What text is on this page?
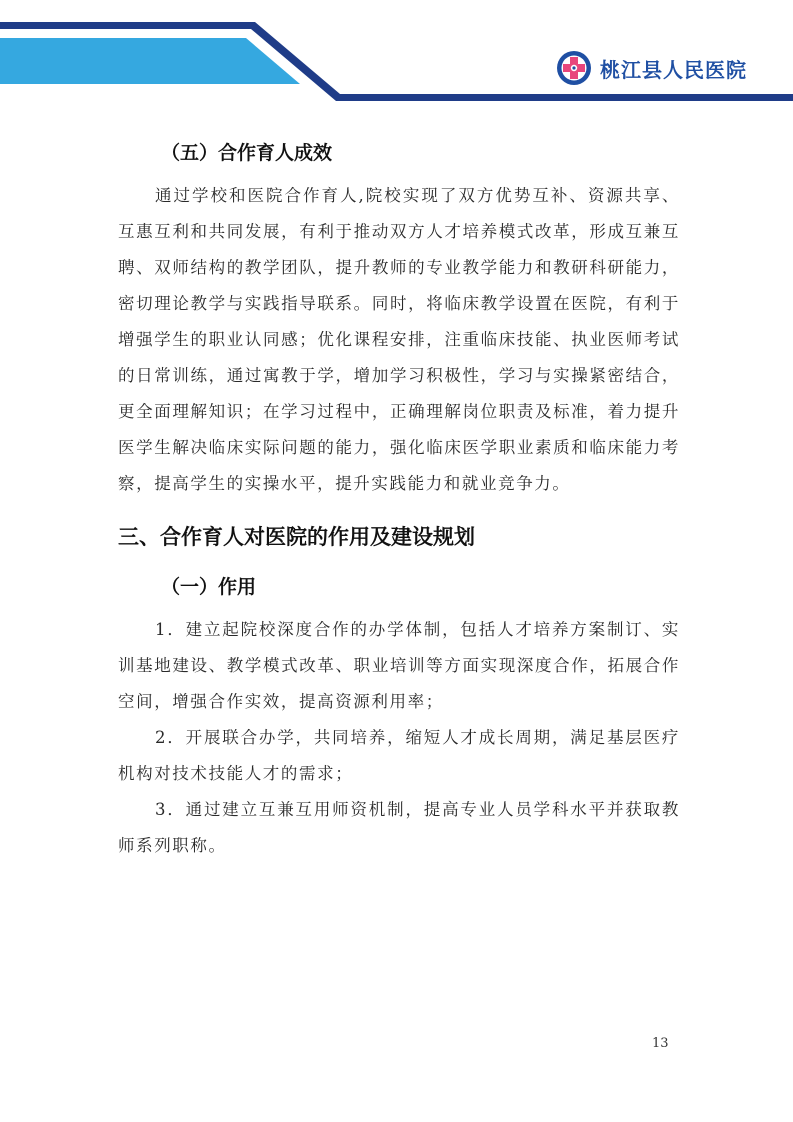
桃江县人民医院
（五）合作育人成效

通过学校和医院合作育人,院校实现了双方优势互补、资源共享、互惠互利和共同发展，有利于推动双方人才培养模式改革，形成互兼互聘、双师结构的教学团队，提升教师的专业教学能力和教研科研能力，密切理论教学与实践指导联系。同时，将临床教学设置在医院，有利于增强学生的职业认同感；优化课程安排，注重临床技能、执业医师考试的日常训练，通过寓教于学，增加学习积极性，学习与实操紧密结合，更全面理解知识；在学习过程中，正确理解岗位职责及标准，着力提升医学生解决临床实际问题的能力，强化临床医学职业素质和临床能力考察，提高学生的实操水平，提升实践能力和就业竞争力。

三、合作育人对医院的作用及建设规划
（一）作用

1．建立起院校深度合作的办学体制，包括人才培养方案制订、实训基地建设、教学模式改革、职业培训等方面实现深度合作，拓展合作空间，增强合作实效，提高资源利用率；

2．开展联合办学，共同培养，缩短人才成长周期，满足基层医疗机构对技术技能人才的需求；

3．通过建立互兼互用师资机制，提高专业人员学科水平并获取教师系列职称。

13
